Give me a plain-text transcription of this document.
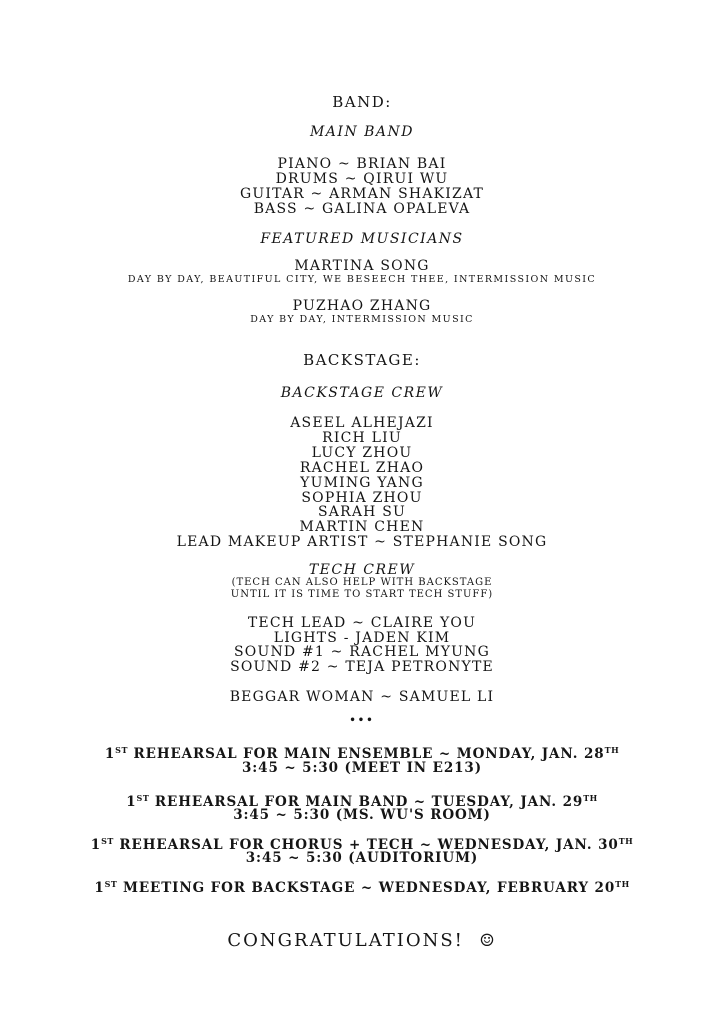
BAND:
MAIN BAND
PIANO ~ BRIAN BAI
DRUMS ~ QIRUI WU
GUITAR ~ ARMAN SHAKIZAT
BASS ~ GALINA OPALEVA
FEATURED MUSICIANS
MARTINA SONG
DAY BY DAY, BEAUTIFUL CITY, WE BESEECH THEE, INTERMISSION MUSIC
PUZHAO ZHANG
DAY BY DAY, INTERMISSION MUSIC
BACKSTAGE:
BACKSTAGE CREW
ASEEL ALHEJAZI
RICH LIU
LUCY ZHOU
RACHEL ZHAO
YUMING YANG
SOPHIA ZHOU
SARAH SU
MARTIN CHEN
LEAD MAKEUP ARTIST ~ STEPHANIE SONG
TECH CREW
(TECH CAN ALSO HELP WITH BACKSTAGE
UNTIL IT IS TIME TO START TECH STUFF)
TECH LEAD ~ CLAIRE YOU
LIGHTS - JADEN KIM
SOUND #1 ~ RACHEL MYUNG
SOUND #2 ~ TEJA PETRONYTE
BEGGAR WOMAN ~ SAMUEL LI
•••
1ST REHEARSAL FOR MAIN ENSEMBLE ~ MONDAY, JAN. 28TH
3:45 ~ 5:30 (MEET IN E213)
1ST REHEARSAL FOR MAIN BAND ~ TUESDAY, JAN. 29TH
3:45 ~ 5:30 (MS. WU'S ROOM)
1ST REHEARSAL FOR CHORUS + TECH ~ WEDNESDAY, JAN. 30TH
3:45 ~ 5:30 (AUDITORIUM)
1ST MEETING FOR BACKSTAGE ~ WEDNESDAY, FEBRUARY 20TH
CONGRATULATIONS! ☺
